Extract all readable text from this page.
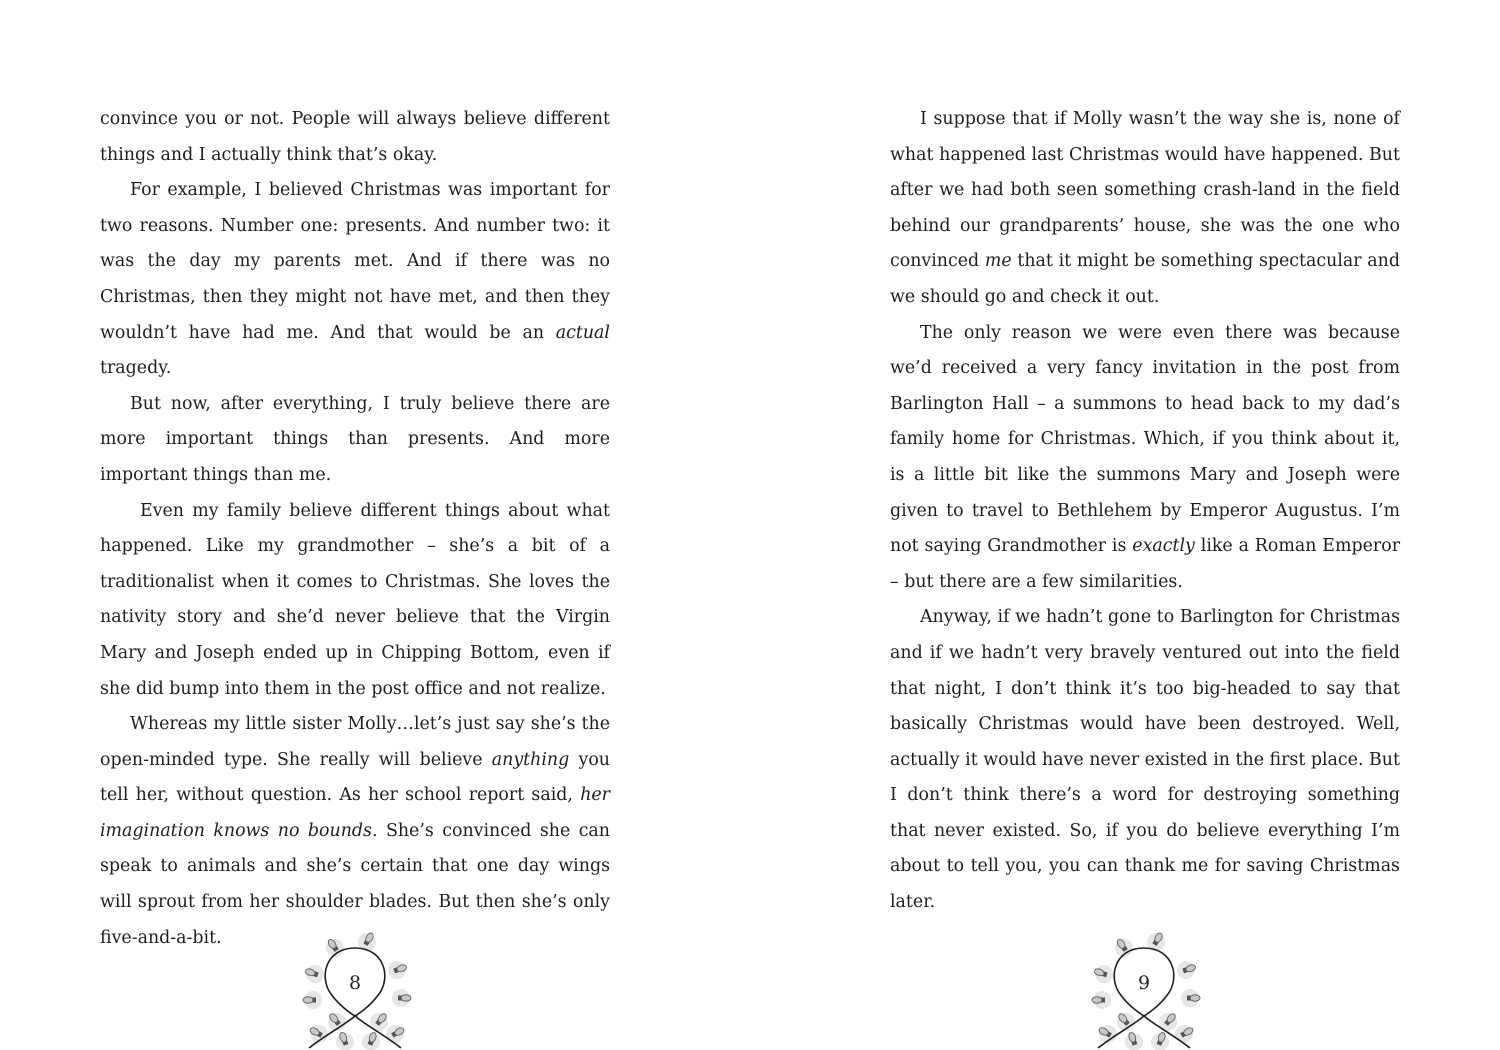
convince you or not. People will always believe different things and I actually think that’s okay.

For example, I believed Christmas was important for two reasons. Number one: presents. And number two: it was the day my parents met. And if there was no Christmas, then they might not have met, and then they wouldn’t have had me. And that would be an actual tragedy.

But now, after everything, I truly believe there are more important things than presents. And more important things than me.

Even my family believe different things about what happened. Like my grandmother – she’s a bit of a traditionalist when it comes to Christmas. She loves the nativity story and she’d never believe that the Virgin Mary and Joseph ended up in Chipping Bottom, even if she did bump into them in the post office and not realize.

Whereas my little sister Molly…let’s just say she’s the open-minded type. She really will believe anything you tell her, without question. As her school report said, her imagination knows no bounds. She’s convinced she can speak to animals and she’s certain that one day wings will sprout from her shoulder blades. But then she’s only five-and-a-bit.

I suppose that if Molly wasn’t the way she is, none of what happened last Christmas would have happened. But after we had both seen something crash-land in the field behind our grandparents’ house, she was the one who convinced me that it might be something spectacular and we should go and check it out.

The only reason we were even there was because we’d received a very fancy invitation in the post from Barlington Hall – a summons to head back to my dad’s family home for Christmas. Which, if you think about it, is a little bit like the summons Mary and Joseph were given to travel to Bethlehem by Emperor Augustus. I’m not saying Grandmother is exactly like a Roman Emperor – but there are a few similarities.

Anyway, if we hadn’t gone to Barlington for Christmas and if we hadn’t very bravely ventured out into the field that night, I don’t think it’s too big-headed to say that basically Christmas would have been destroyed. Well, actually it would have never existed in the first place. But I don’t think there’s a word for destroying something that never existed. So, if you do believe everything I’m about to tell you, you can thank me for saving Christmas later.

8	9
